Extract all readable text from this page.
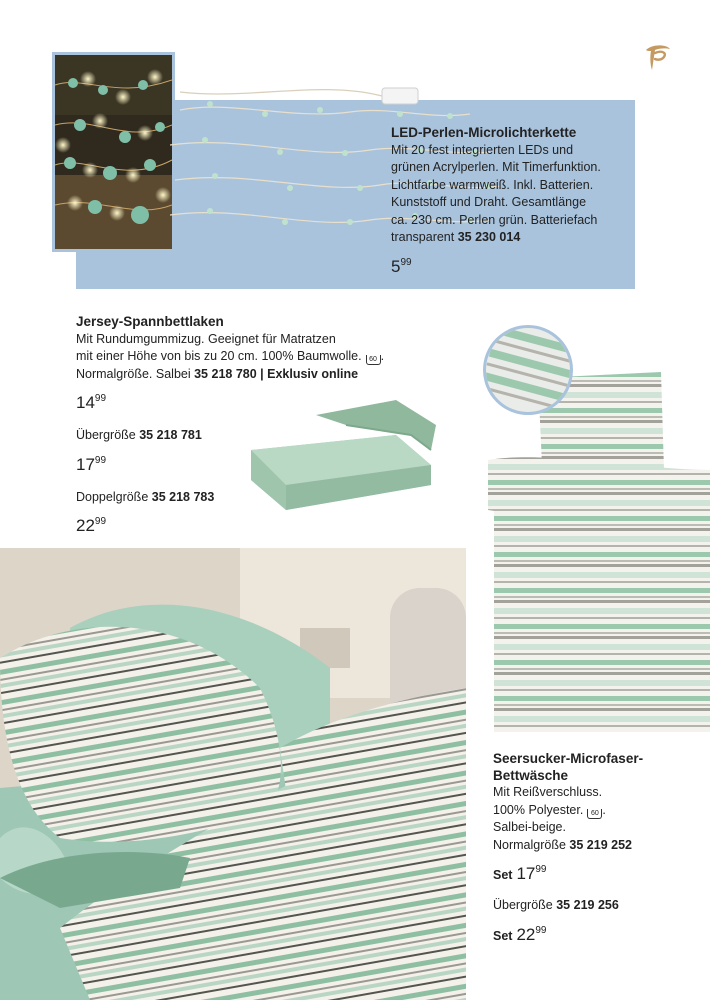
LED-Perlen-Microlichterkette
Mit 20 fest integrierten LEDs und
grünen Acrylperlen. Mit Timerfunktion.
Lichtfarbe warmweiß. Inkl. Batterien.
Kunststoff und Draht. Gesamtlänge
ca. 230 cm. Perlen grün. Batteriefach
transparent 35 230 014
$5^{99}$
Jersey-Spannbettlaken
Mit Rundumgummizug. Geeignet für Matratzen
mit einer Höhe von bis zu 20 cm. 100% Baumwolle. 60 .
Normalgröße. Salbei 35 218 780 | Exklusiv online
$14^{99}$
Übergröße 35 218 781
$17^{99}$
Doppelgröße 35 218 783
$22^{99}$
Seersucker-Microfaser-
Bettwäsche
Mit Reißverschluss.
100% Polyester. 60 .
Salbei-beige.
Normalgröße 35 219 252
Set $17^{99}$
Übergröße 35 219 256
Set $22^{99}$
